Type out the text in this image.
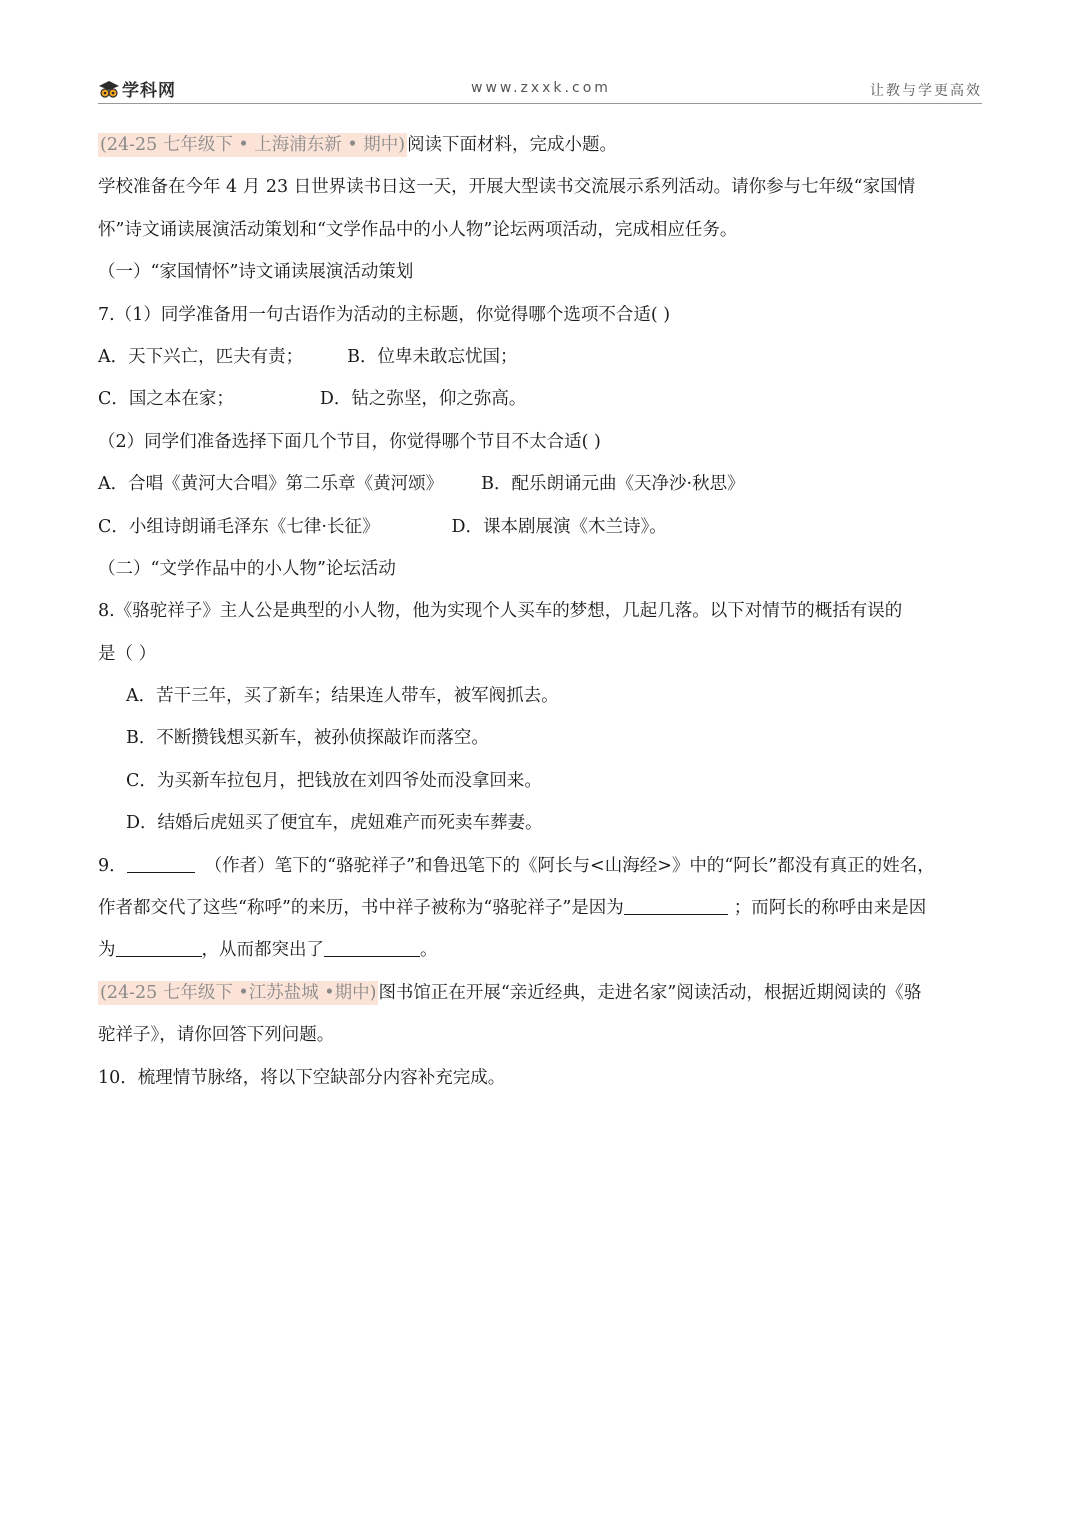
学科网	www.zxxk.com	让教与学更高效
(24-25 七年级下 • 上海浦东新 • 期中) 阅读下面材料，完成小题。
学校准备在今年 4 月 23 日世界读书日这一天，开展大型读书交流展示系列活动。请你参与七年级“家国情
怀”诗文诵读展演活动策划和“文学作品中的小人物”论坛两项活动，完成相应任务。
（一）“家国情怀”诗文诵读展演活动策划
7.（1）同学准备用一句古语作为活动的主标题，你觉得哪个选项不合适( )
A．天下兴亡，匹夫有责；	B．位卑未敢忘忧国；
C．国之本在家；	D．钻之弥坚，仰之弥高。
（2）同学们准备选择下面几个节目，你觉得哪个节目不太合适( )
A．合唱《黄河大合唱》第二乐章《黄河颂》 B．配乐朗诵元曲《天净沙·秋思》
C．小组诗朗诵毛泽东《七律·长征》	D．课本剧展演《木兰诗》。
（二）“文学作品中的小人物”论坛活动
8.《骆驼祥子》主人公是典型的小人物，他为实现个人买车的梦想，几起几落。以下对情节的概括有误的
是（ ）
A．苦干三年，买了新车；结果连人带车，被军阀抓去。
B．不断攒钱想买新车，被孙侦探敲诈而落空。
C．为买新车拉包月，把钱放在刘四爷处而没拿回来。
D．结婚后虎妞买了便宜车，虎妞难产而死卖车葬妻。
9．	（作者）笔下的“骆驼祥子”和鲁迅笔下的《阿长与<山海经>》中的“阿长”都没有真正的姓名，
作者都交代了这些“称呼”的来历，书中祥子被称为“骆驼祥子”是因为	；而阿长的称呼由来是因
为	，从而都突出了	。
(24-25 七年级下 •江苏盐城 •期中) 图书馆正在开展“亲近经典，走进名家”阅读活动，根据近期阅读的《骆
驼祥子》，请你回答下列问题。
10．梳理情节脉络，将以下空缺部分内容补充完成。
